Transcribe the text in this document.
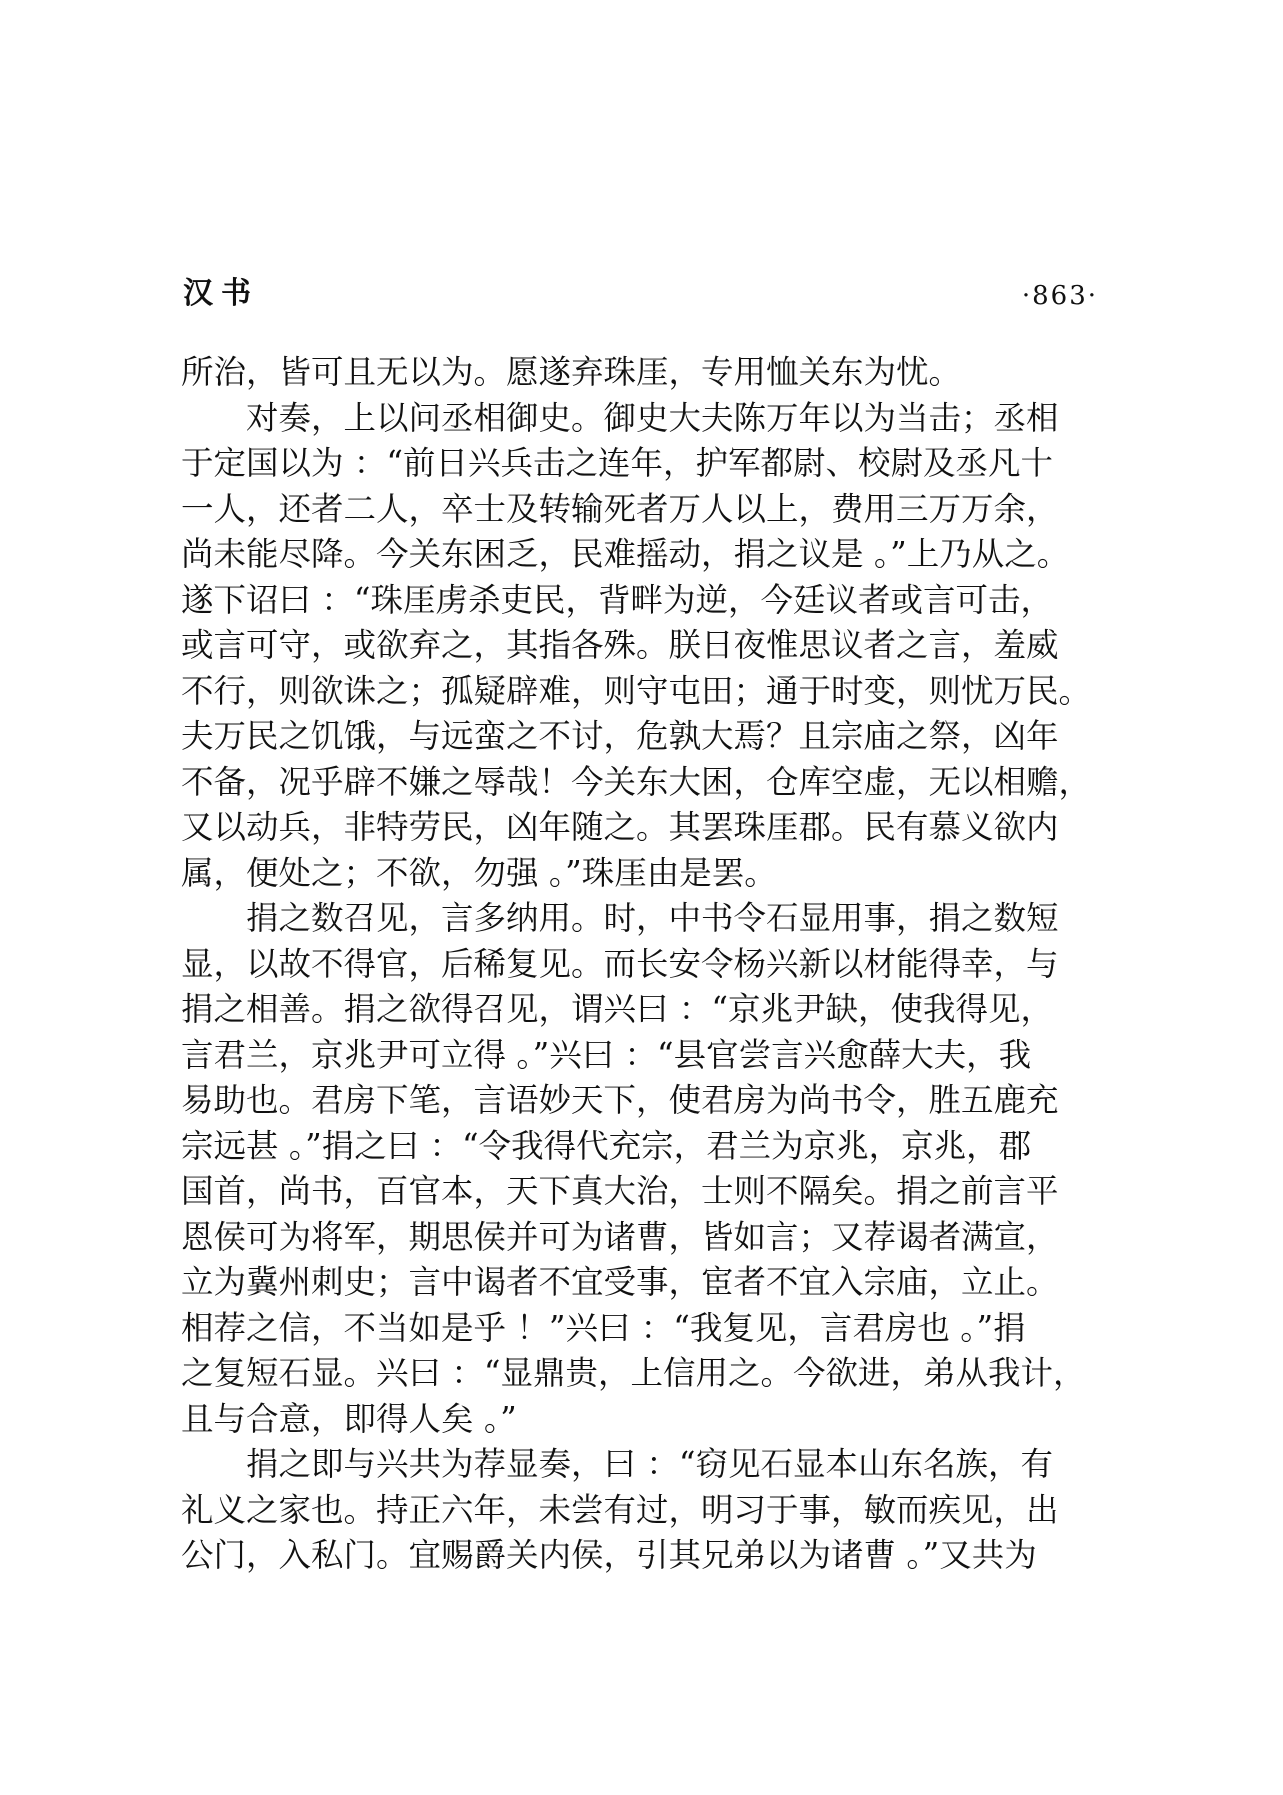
汉书	·863·
所治，皆可且无以为。愿遂弃珠厓，专用恤关东为忧。
对奏，上以问丞相御史。御史大夫陈万年以为当击；丞相
于定国以为 ：“前日兴兵击之连年，护军都尉、校尉及丞凡十
一人，还者二人，卒士及转输死者万人以上，费用三万万余，
尚未能尽降。今关东困乏，民难摇动，捐之议是 。”上乃从之。
遂下诏曰 ：“珠厓虏杀吏民，背畔为逆，今廷议者或言可击，
或言可守，或欲弃之，其指各殊。朕日夜惟思议者之言，羞威
不行，则欲诛之；孤疑辟难，则守屯田；通于时变，则忧万民。
夫万民之饥饿，与远蛮之不讨，危孰大焉？且宗庙之祭，凶年
不备，况乎辟不嫌之辱哉！今关东大困，仓库空虚，无以相赡，
又以动兵，非特劳民，凶年随之。其罢珠厓郡。民有慕义欲内
属，便处之；不欲，勿强 。”珠厓由是罢。
捐之数召见，言多纳用。时，中书令石显用事，捐之数短
显，以故不得官，后稀复见。而长安令杨兴新以材能得幸，与
捐之相善。捐之欲得召见，谓兴曰 ：“京兆尹缺，使我得见，
言君兰，京兆尹可立得 。”兴曰 ：“县官尝言兴愈薛大夫，我
易助也。君房下笔，言语妙天下，使君房为尚书令，胜五鹿充
宗远甚 。”捐之曰 ：“令我得代充宗，君兰为京兆，京兆，郡
国首，尚书，百官本，天下真大治，士则不隔矣。捐之前言平
恩侯可为将军，期思侯并可为诸曹，皆如言；又荐谒者满宣，
立为冀州刺史；言中谒者不宜受事，宦者不宜入宗庙，立止。
相荐之信，不当如是乎 ！”兴曰 ：“我复见，言君房也 。”捐
之复短石显。兴曰 ：“显鼎贵，上信用之。今欲进，弟从我计，
且与合意，即得人矣 。”
捐之即与兴共为荐显奏，曰 ：“窃见石显本山东名族，有
礼义之家也。持正六年，未尝有过，明习于事，敏而疾见，出
公门，入私门。宜赐爵关内侯，引其兄弟以为诸曹 。”又共为
